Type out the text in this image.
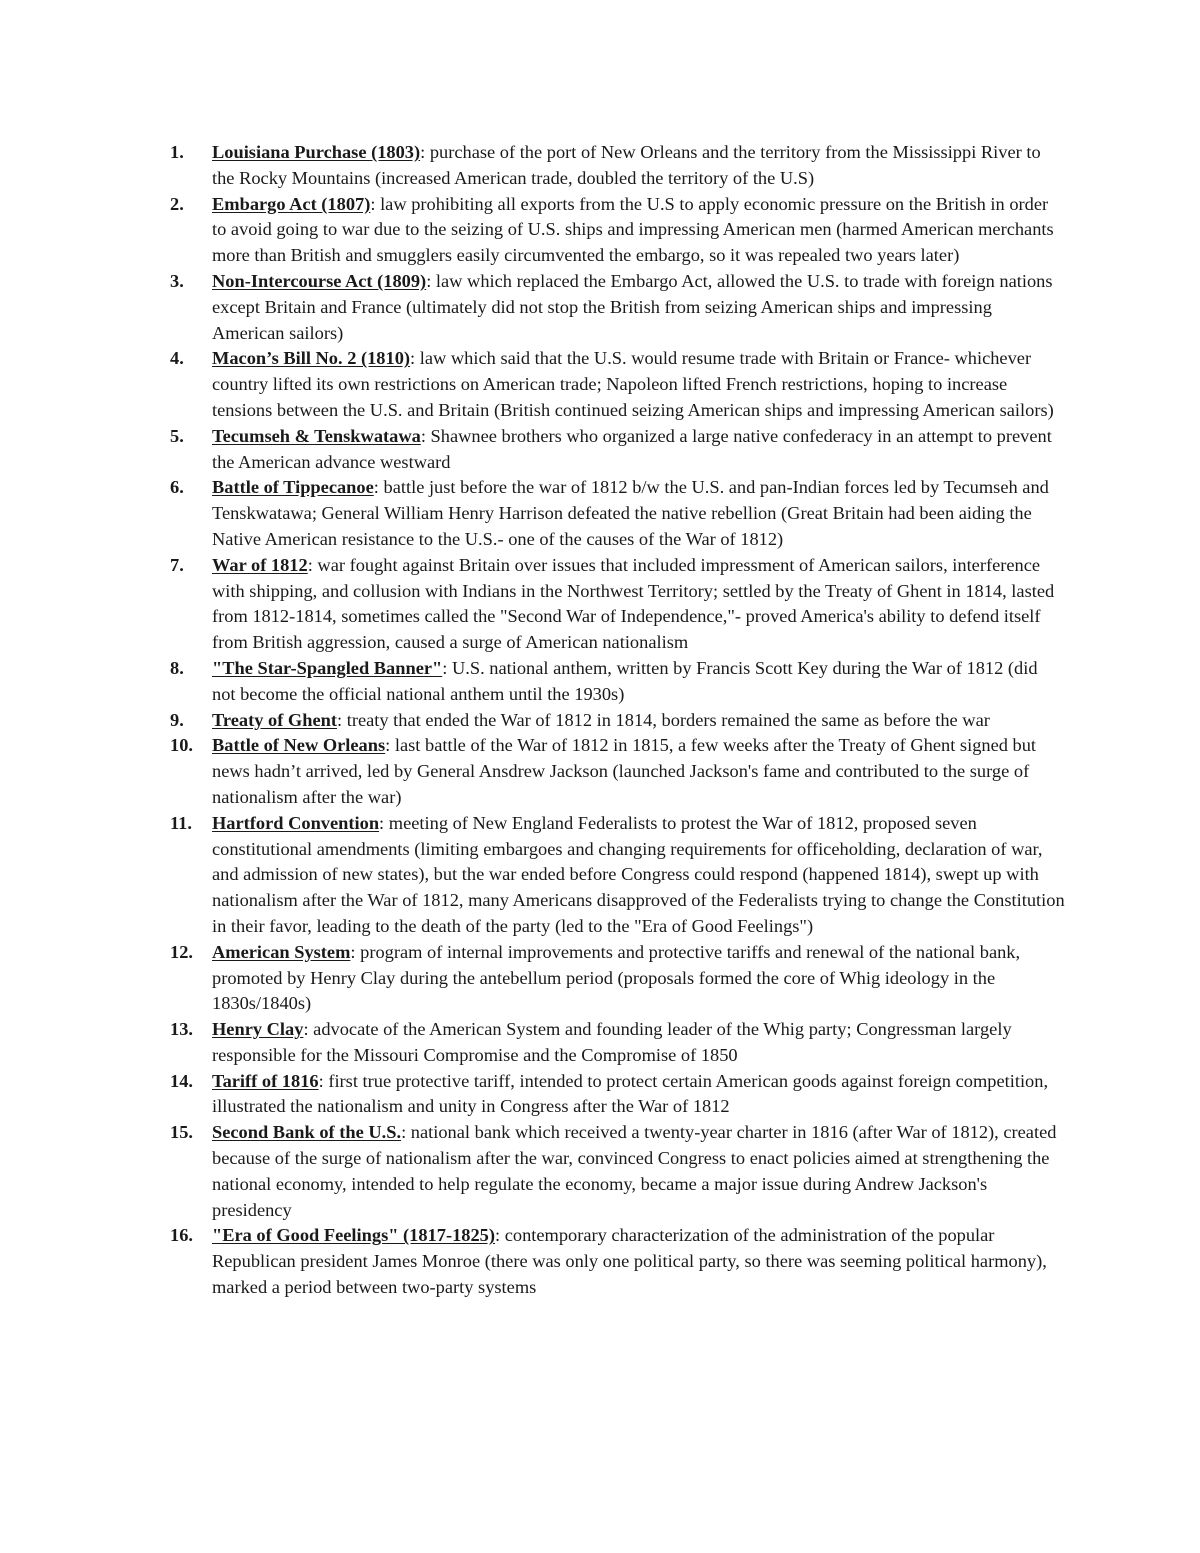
1.	Louisiana Purchase (1803): purchase of the port of New Orleans and the territory from the Mississippi River to the Rocky Mountains (increased American trade, doubled the territory of the U.S)
2.	Embargo Act (1807): law prohibiting all exports from the U.S to apply economic pressure on the British in order to avoid going to war due to the seizing of U.S. ships and impressing American men (harmed American merchants more than British and smugglers easily circumvented the embargo, so it was repealed two years later)
3.	Non-Intercourse Act (1809): law which replaced the Embargo Act, allowed the U.S. to trade with foreign nations except Britain and France (ultimately did not stop the British from seizing American ships and impressing American sailors)
4.	Macon’s Bill No. 2 (1810): law which said that the U.S. would resume trade with Britain or France- whichever country lifted its own restrictions on American trade; Napoleon lifted French restrictions, hoping to increase tensions between the U.S. and Britain (British continued seizing American ships and impressing American sailors)
5.	Tecumseh & Tenskwatawa: Shawnee brothers who organized a large native confederacy in an attempt to prevent the American advance westward
6.	Battle of Tippecanoe: battle just before the war of 1812 b/w the U.S. and pan-Indian forces led by Tecumseh and Tenskwatawa; General William Henry Harrison defeated the native rebellion (Great Britain had been aiding the Native American resistance to the U.S.- one of the causes of the War of 1812)
7.	War of 1812: war fought against Britain over issues that included impressment of American sailors, interference with shipping, and collusion with Indians in the Northwest Territory; settled by the Treaty of Ghent in 1814, lasted from 1812-1814, sometimes called the "Second War of Independence,"- proved America's ability to defend itself from British aggression, caused a surge of American nationalism
8.	"The Star-Spangled Banner": U.S. national anthem, written by Francis Scott Key during the War of 1812 (did not become the official national anthem until the 1930s)
9.	Treaty of Ghent: treaty that ended the War of 1812 in 1814, borders remained the same as before the war
10.	Battle of New Orleans: last battle of the War of 1812 in 1815, a few weeks after the Treaty of Ghent signed but news hadn’t arrived, led by General Ansdrew Jackson (launched Jackson's fame and contributed to the surge of nationalism after the war)
11.	Hartford Convention: meeting of New England Federalists to protest the War of 1812, proposed seven constitutional amendments (limiting embargoes and changing requirements for officeholding, declaration of war, and admission of new states), but the war ended before Congress could respond (happened 1814), swept up with nationalism after the War of 1812, many Americans disapproved of the Federalists trying to change the Constitution in their favor, leading to the death of the party (led to the "Era of Good Feelings")
12.	American System: program of internal improvements and protective tariffs and renewal of the national bank, promoted by Henry Clay during the antebellum period (proposals formed the core of Whig ideology in the 1830s/1840s)
13.	Henry Clay: advocate of the American System and founding leader of the Whig party; Congressman largely responsible for the Missouri Compromise and the Compromise of 1850
14.	Tariff of 1816: first true protective tariff, intended to protect certain American goods against foreign competition, illustrated the nationalism and unity in Congress after the War of 1812
15.	Second Bank of the U.S.: national bank which received a twenty-year charter in 1816 (after War of 1812), created because of the surge of nationalism after the war, convinced Congress to enact policies aimed at strengthening the national economy, intended to help regulate the economy, became a major issue during Andrew Jackson's presidency
16.	"Era of Good Feelings" (1817-1825): contemporary characterization of the administration of the popular Republican president James Monroe (there was only one political party, so there was seeming political harmony), marked a period between two-party systems
